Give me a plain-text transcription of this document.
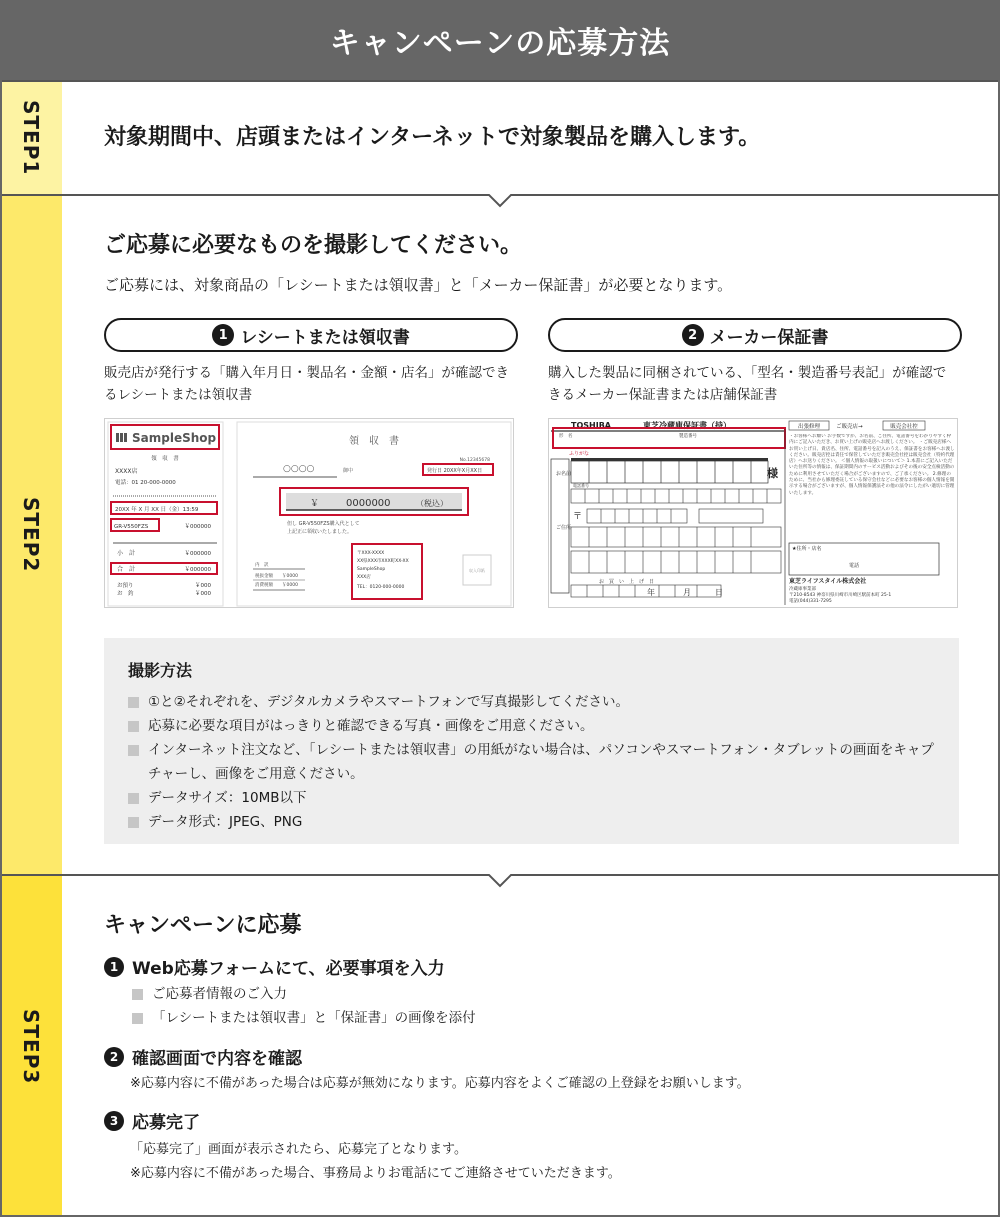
キャンペーンの応募方法
STEP1	対象期間中、店頭またはインターネットで対象製品を購入します。
STEP2
ご応募に必要なものを撮影してください。
ご応募には、対象商品の「レシートまたは領収書」と「メーカー保証書」が必要となります。
1 レシートまたは領収書	2 メーカー保証書
販売店が発行する「購入年月日・製品名・金額・店名」が確認できるレシートまたは領収書
購入した製品に同梱されている、「型名・製造番号表記」が確認できるメーカー保証書または店舗保証書
SampleShop
領　収　書
XXXX店
電話：01 20-000-0000
20XX 年 X 月 XX 日（金）13:59
GR-V550FZS	￥000000
小　計	￥000000
合　計	￥000000
お預り	￥000
お　釣	￥000
領　収　書
No.12345678
発行日 20XX年X月XX日
○○○○	御中
￥	0000000	（税込）
但し GR-V550FZS購入代として
上記正に領収いたしました。
〒XXX-XXXX
XX県XXX市XXX町XX-XX
SampleShop
XXX店
TEL：0120-000-0000
収入印紙
内　訳
税抜金額　　￥0000
消費税額　　￥0000
TOSHIBA	東芝冷蔵庫保証書（持）	出張修理	ご販売店→	販売会社控
形　名	製造番号
ふりがな
様
お名前
電話番号
〒
ご住所
お　買　い　上　げ　日
年	月	日
・お客様へお願い お手数ですが、お名前、ご住所、電話番号をわかりやすく枠内にご記入いただき、お買い上げの販売店へお渡しください。 ・ご販売店様へ お買い上げ日、貴店名、住所、電話番号を記入のうえ、保証書をお客様へお渡しください。販売店控は責任で保管していただき販売会社控は販売会社（特約代理店）へお送りください。 ＜個人情報の取扱いについて＞ 1.本書にご記入いただいた住所等の情報は、保証期間内のサービス活動およびその後の安全点検活動のために利用させていただく場合がございますので、ご了承ください。 2.修理のために、当社から修理委託している保守会社などに必要なお客様の個人情報を開示する場合がございますが、個人情報保護法その他の法令にしたがい適切に管理いたします。
★住所・店名
電話
東芝ライフスタイル株式会社
冷蔵庫事業部
〒210-8543 神奈川県川崎市川崎区駅前本町 25-1
電話(044)331-7295
撮影方法
①と②それぞれを、デジタルカメラやスマートフォンで写真撮影してください。
応募に必要な項目がはっきりと確認できる写真・画像をご用意ください。
インターネット注文など、「レシートまたは領収書」の用紙がない場合は、パソコンやスマートフォン・タブレットの画面をキャプチャーし、画像をご用意ください。
データサイズ：10MB以下
データ形式：JPEG、PNG
STEP3
キャンペーンに応募
1 Web応募フォームにて、必要事項を入力
ご応募者情報のご入力
「レシートまたは領収書」と「保証書」の画像を添付
2 確認画面で内容を確認
※応募内容に不備があった場合は応募が無効になります。応募内容をよくご確認の上登録をお願いします。
3 応募完了
「応募完了」画面が表示されたら、応募完了となります。
※応募内容に不備があった場合、事務局よりお電話にてご連絡させていただきます。
